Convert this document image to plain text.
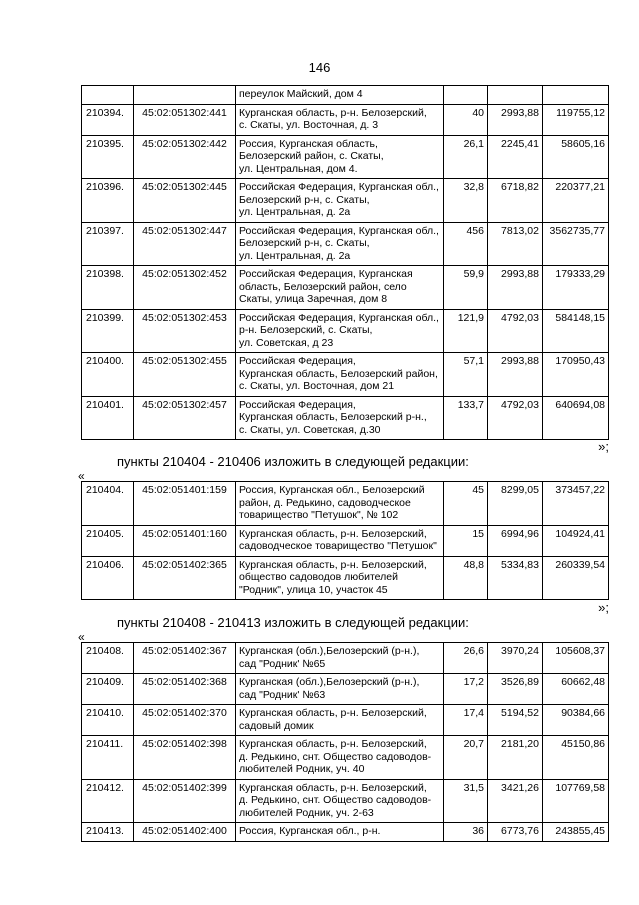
146
		переулок Майский, дом 4			
210394.	45:02:051302:441	Курганская область, р-н. Белозерский,
с. Скаты, ул. Восточная, д. 3	40	2993,88	119755,12
210395.	45:02:051302:442	Россия, Курганская область,
Белозерский район, с. Скаты,
ул. Центральная, дом 4.	26,1	2245,41	58605,16
210396.	45:02:051302:445	Российская Федерация, Курганская обл.,
Белозерский р-н, с. Скаты,
ул. Центральная, д. 2а	32,8	6718,82	220377,21
210397.	45:02:051302:447	Российская Федерация, Курганская обл.,
Белозерский р-н, с. Скаты,
ул. Центральная, д. 2а	456	7813,02	3562735,77
210398.	45:02:051302:452	Российская Федерация, Курганская
область, Белозерский район, село
Скаты, улица Заречная, дом 8	59,9	2993,88	179333,29
210399.	45:02:051302:453	Российская Федерация, Курганская обл.,
р-н. Белозерский, с. Скаты,
ул. Советская, д 23	121,9	4792,03	584148,15
210400.	45:02:051302:455	Российская Федерация,
Курганская область, Белозерский район,
с. Скаты, ул. Восточная, дом 21	57,1	2993,88	170950,43
210401.	45:02:051302:457	Российская Федерация,
Курганская область, Белозерский р-н.,
с. Скаты, ул. Советская, д.30	133,7	4792,03	640694,08
»;
пункты 210404 - 210406 изложить в следующей редакции:
«
210404.	45:02:051401:159	Россия, Курганская обл., Белозерский
район, д. Редькино, садоводческое
товарищество "Петушок", № 102	45	8299,05	373457,22
210405.	45:02:051401:160	Курганская область, р-н. Белозерский,
садоводческое товарищество "Петушок"	15	6994,96	104924,41
210406.	45:02:051402:365	Курганская область, р-н. Белозерский,
общество садоводов любителей
"Родник", улица 10, участок 45	48,8	5334,83	260339,54
»;
пункты 210408 - 210413 изложить в следующей редакции:
«
210408.	45:02:051402:367	Курганская (обл.),Белозерский (р-н.),
сад "Родник' №65	26,6	3970,24	105608,37
210409.	45:02:051402:368	Курганская (обл.),Белозерский (р-н.),
сад "Родник' №63	17,2	3526,89	60662,48
210410.	45:02:051402:370	Курганская область, р-н. Белозерский,
садовый домик	17,4	5194,52	90384,66
210411.	45:02:051402:398	Курганская область, р-н. Белозерский,
д. Редькино, снт. Общество садоводов-
любителей Родник, уч. 40	20,7	2181,20	45150,86
210412.	45:02:051402:399	Курганская область, р-н. Белозерский,
д. Редькино, снт. Общество садоводов-
любителей Родник, уч. 2-63	31,5	3421,26	107769,58
210413.	45:02:051402:400	Россия, Курганская обл., р-н.	36	6773,76	243855,45
